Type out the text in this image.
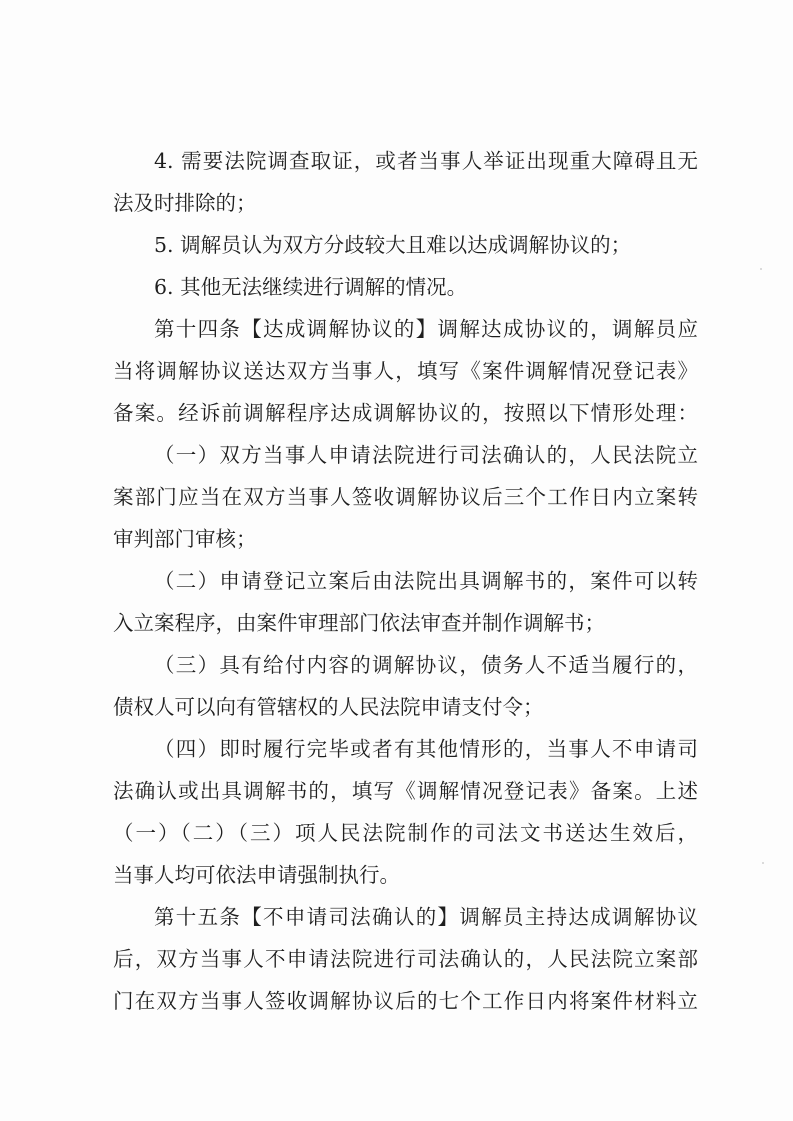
4. 需要法院调查取证，或者当事人举证出现重大障碍且无
法及时排除的；
5. 调解员认为双方分歧较大且难以达成调解协议的；
6. 其他无法继续进行调解的情况。
第十四条【达成调解协议的】调解达成协议的，调解员应
当将调解协议送达双方当事人，填写《案件调解情况登记表》
备案。经诉前调解程序达成调解协议的，按照以下情形处理：
（一）双方当事人申请法院进行司法确认的，人民法院立
案部门应当在双方当事人签收调解协议后三个工作日内立案转
审判部门审核；
（二）申请登记立案后由法院出具调解书的，案件可以转
入立案程序，由案件审理部门依法审查并制作调解书；
（三）具有给付内容的调解协议，债务人不适当履行的，
债权人可以向有管辖权的人民法院申请支付令；
（四）即时履行完毕或者有其他情形的，当事人不申请司
法确认或出具调解书的，填写《调解情况登记表》备案。上述
（一）（二）（三）项人民法院制作的司法文书送达生效后，
当事人均可依法申请强制执行。
第十五条【不申请司法确认的】调解员主持达成调解协议
后，双方当事人不申请法院进行司法确认的，人民法院立案部
门在双方当事人签收调解协议后的七个工作日内将案件材料立
